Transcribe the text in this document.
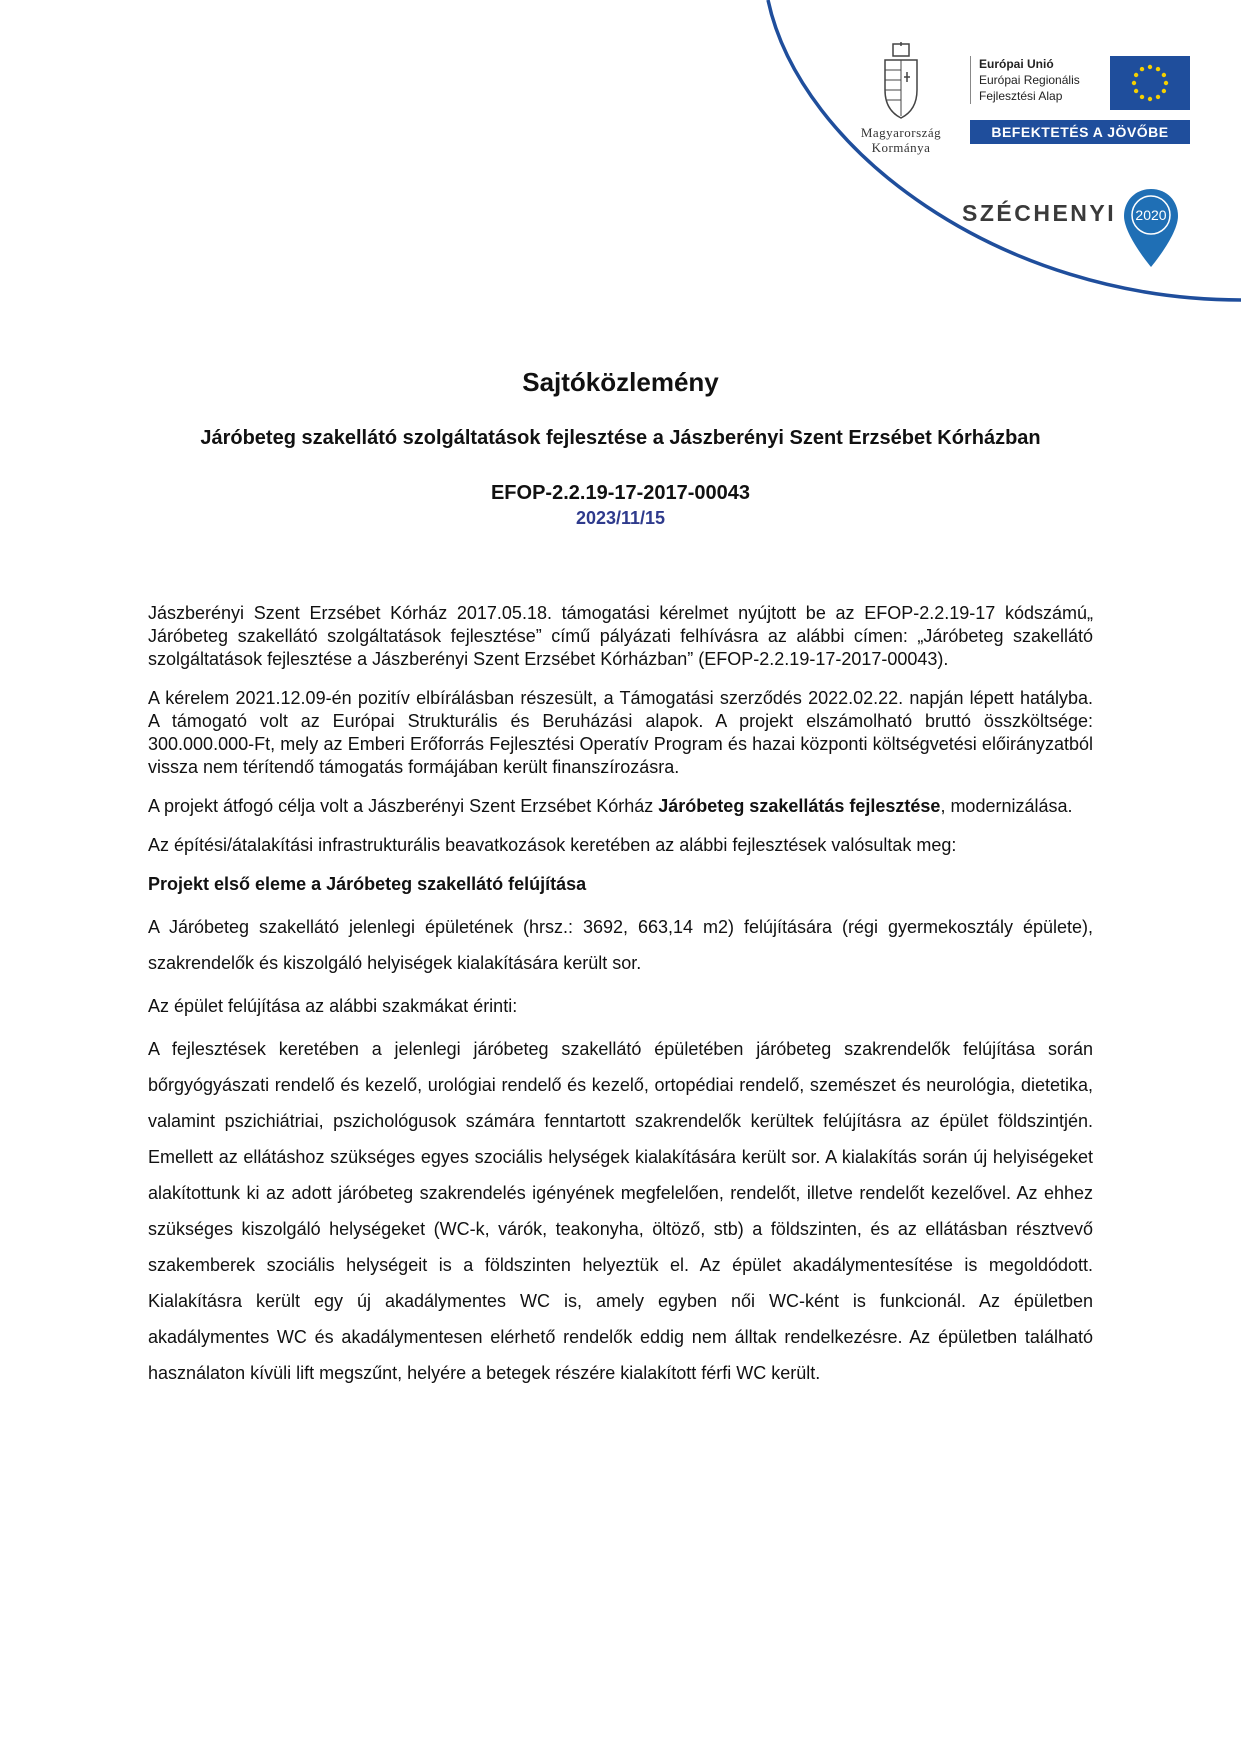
Magyarország
Kormánya
Európai Unió
Európai Regionális
Fejlesztési Alap
BEFEKTETÉS A JÖVŐBE
SZÉCHENYI 2020
Sajtóközlemény
Járóbeteg szakellátó szolgáltatások fejlesztése a Jászberényi Szent Erzsébet Kórházban
EFOP-2.2.19-17-2017-00043
2023/11/15

Jászberényi Szent Erzsébet Kórház 2017.05.18. támogatási kérelmet nyújtott be az EFOP-2.2.19-17 kódszámú„ Járóbeteg szakellátó szolgáltatások fejlesztése” című pályázati felhívásra az alábbi címen: „Járóbeteg szakellátó szolgáltatások fejlesztése a Jászberényi Szent Erzsébet Kórházban” (EFOP-2.2.19-17-2017-00043).

A kérelem 2021.12.09-én pozitív elbírálásban részesült, a Támogatási szerződés 2022.02.22. napján lépett hatályba. A támogató volt az Európai Strukturális és Beruházási alapok. A projekt elszámolható bruttó összköltsége: 300.000.000-Ft, mely az Emberi Erőforrás Fejlesztési Operatív Program és hazai központi költségvetési előirányzatból vissza nem térítendő támogatás formájában került finanszírozásra.

A projekt átfogó célja volt a Jászberényi Szent Erzsébet Kórház Járóbeteg szakellátás fejlesztése, modernizálása.

Az építési/átalakítási infrastrukturális beavatkozások keretében az alábbi fejlesztések valósultak meg:

Projekt első eleme a Járóbeteg szakellátó felújítása

A Járóbeteg szakellátó jelenlegi épületének (hrsz.: 3692, 663,14 m2) felújítására (régi gyermekosztály épülete), szakrendelők és kiszolgáló helyiségek kialakítására került sor.

Az épület felújítása az alábbi szakmákat érinti:

A fejlesztések keretében a jelenlegi járóbeteg szakellátó épületében járóbeteg szakrendelők felújítása során bőrgyógyászati rendelő és kezelő, urológiai rendelő és kezelő, ortopédiai rendelő, szemészet és neurológia, dietetika, valamint pszichiátriai, pszichológusok számára fenntartott szakrendelők kerültek felújításra az épület földszintjén. Emellett az ellátáshoz szükséges egyes szociális helységek kialakítására került sor. A kialakítás során új helyiségeket alakítottunk ki az adott járóbeteg szakrendelés igényének megfelelően, rendelőt, illetve rendelőt kezelővel. Az ehhez szükséges kiszolgáló helységeket (WC-k, várók, teakonyha, öltöző, stb) a földszinten, és az ellátásban résztvevő szakemberek szociális helységeit is a földszinten helyeztük el. Az épület akadálymentesítése is megoldódott. Kialakításra került egy új akadálymentes WC is, amely egyben női WC-ként is funkcionál. Az épületben akadálymentes WC és akadálymentesen elérhető rendelők eddig nem álltak rendelkezésre. Az épületben található használaton kívüli lift megszűnt, helyére a betegek részére kialakított férfi WC került.
